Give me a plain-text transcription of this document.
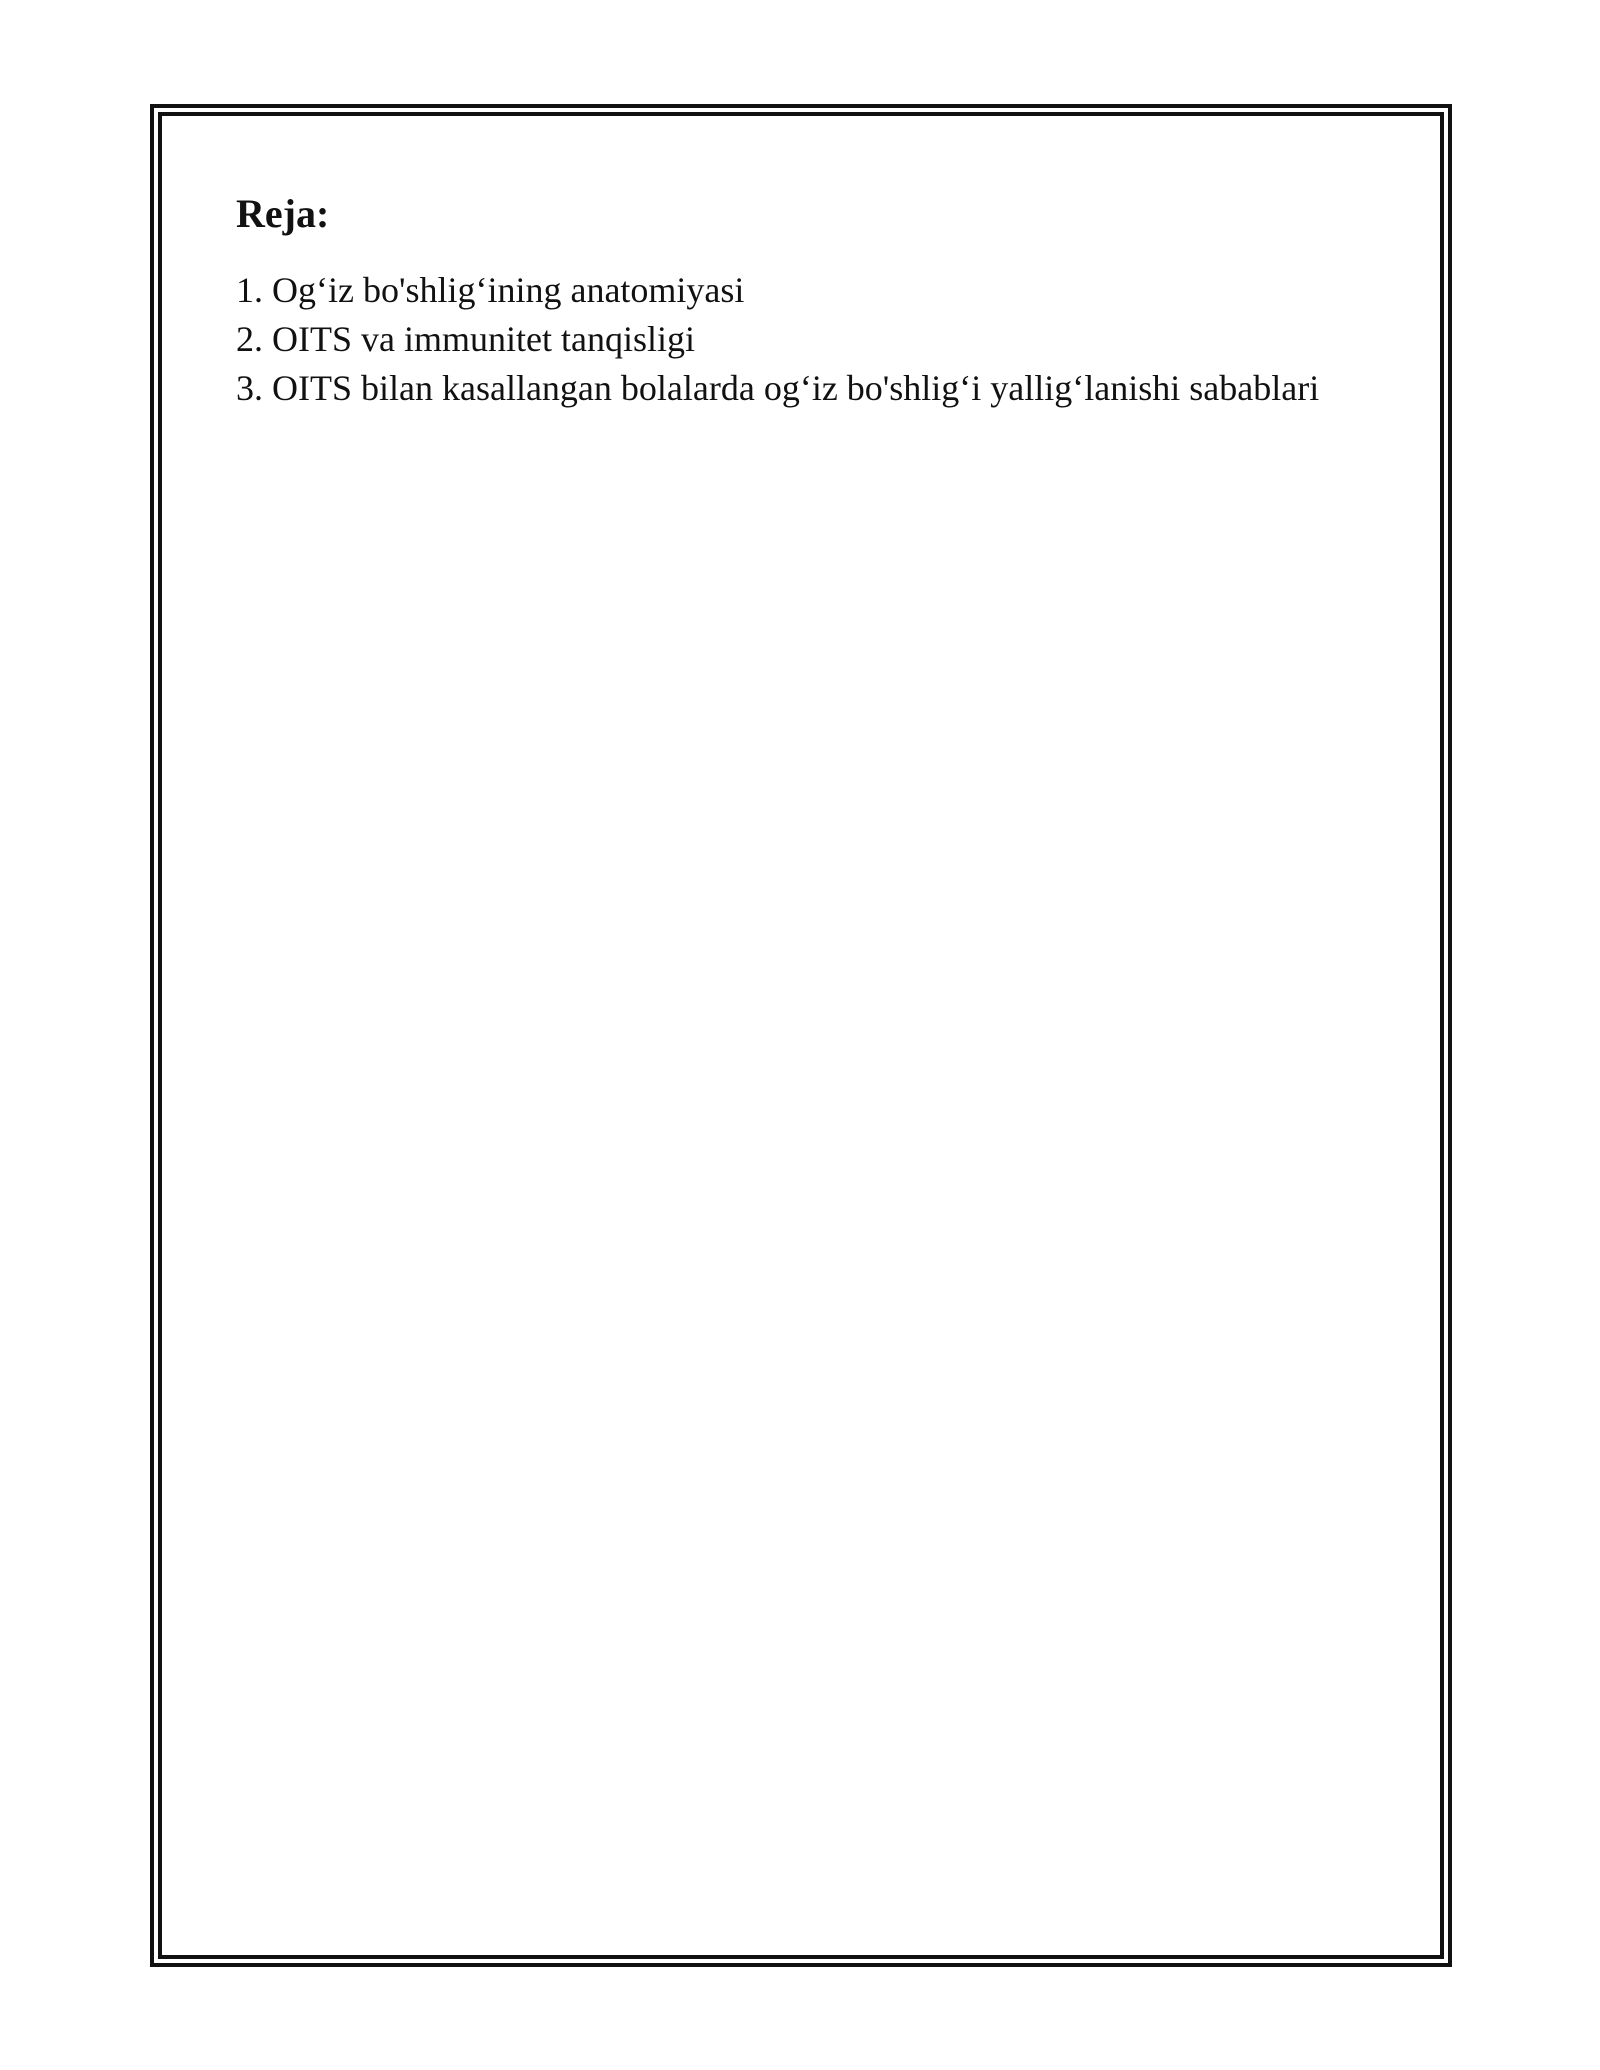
Reja:
1. Og‘iz bo'shlig‘ining anatomiyasi
2. OITS va immunitet tanqisligi
3. OITS bilan kasallangan bolalarda og‘iz bo'shlig‘i yallig‘lanishi sabablari
